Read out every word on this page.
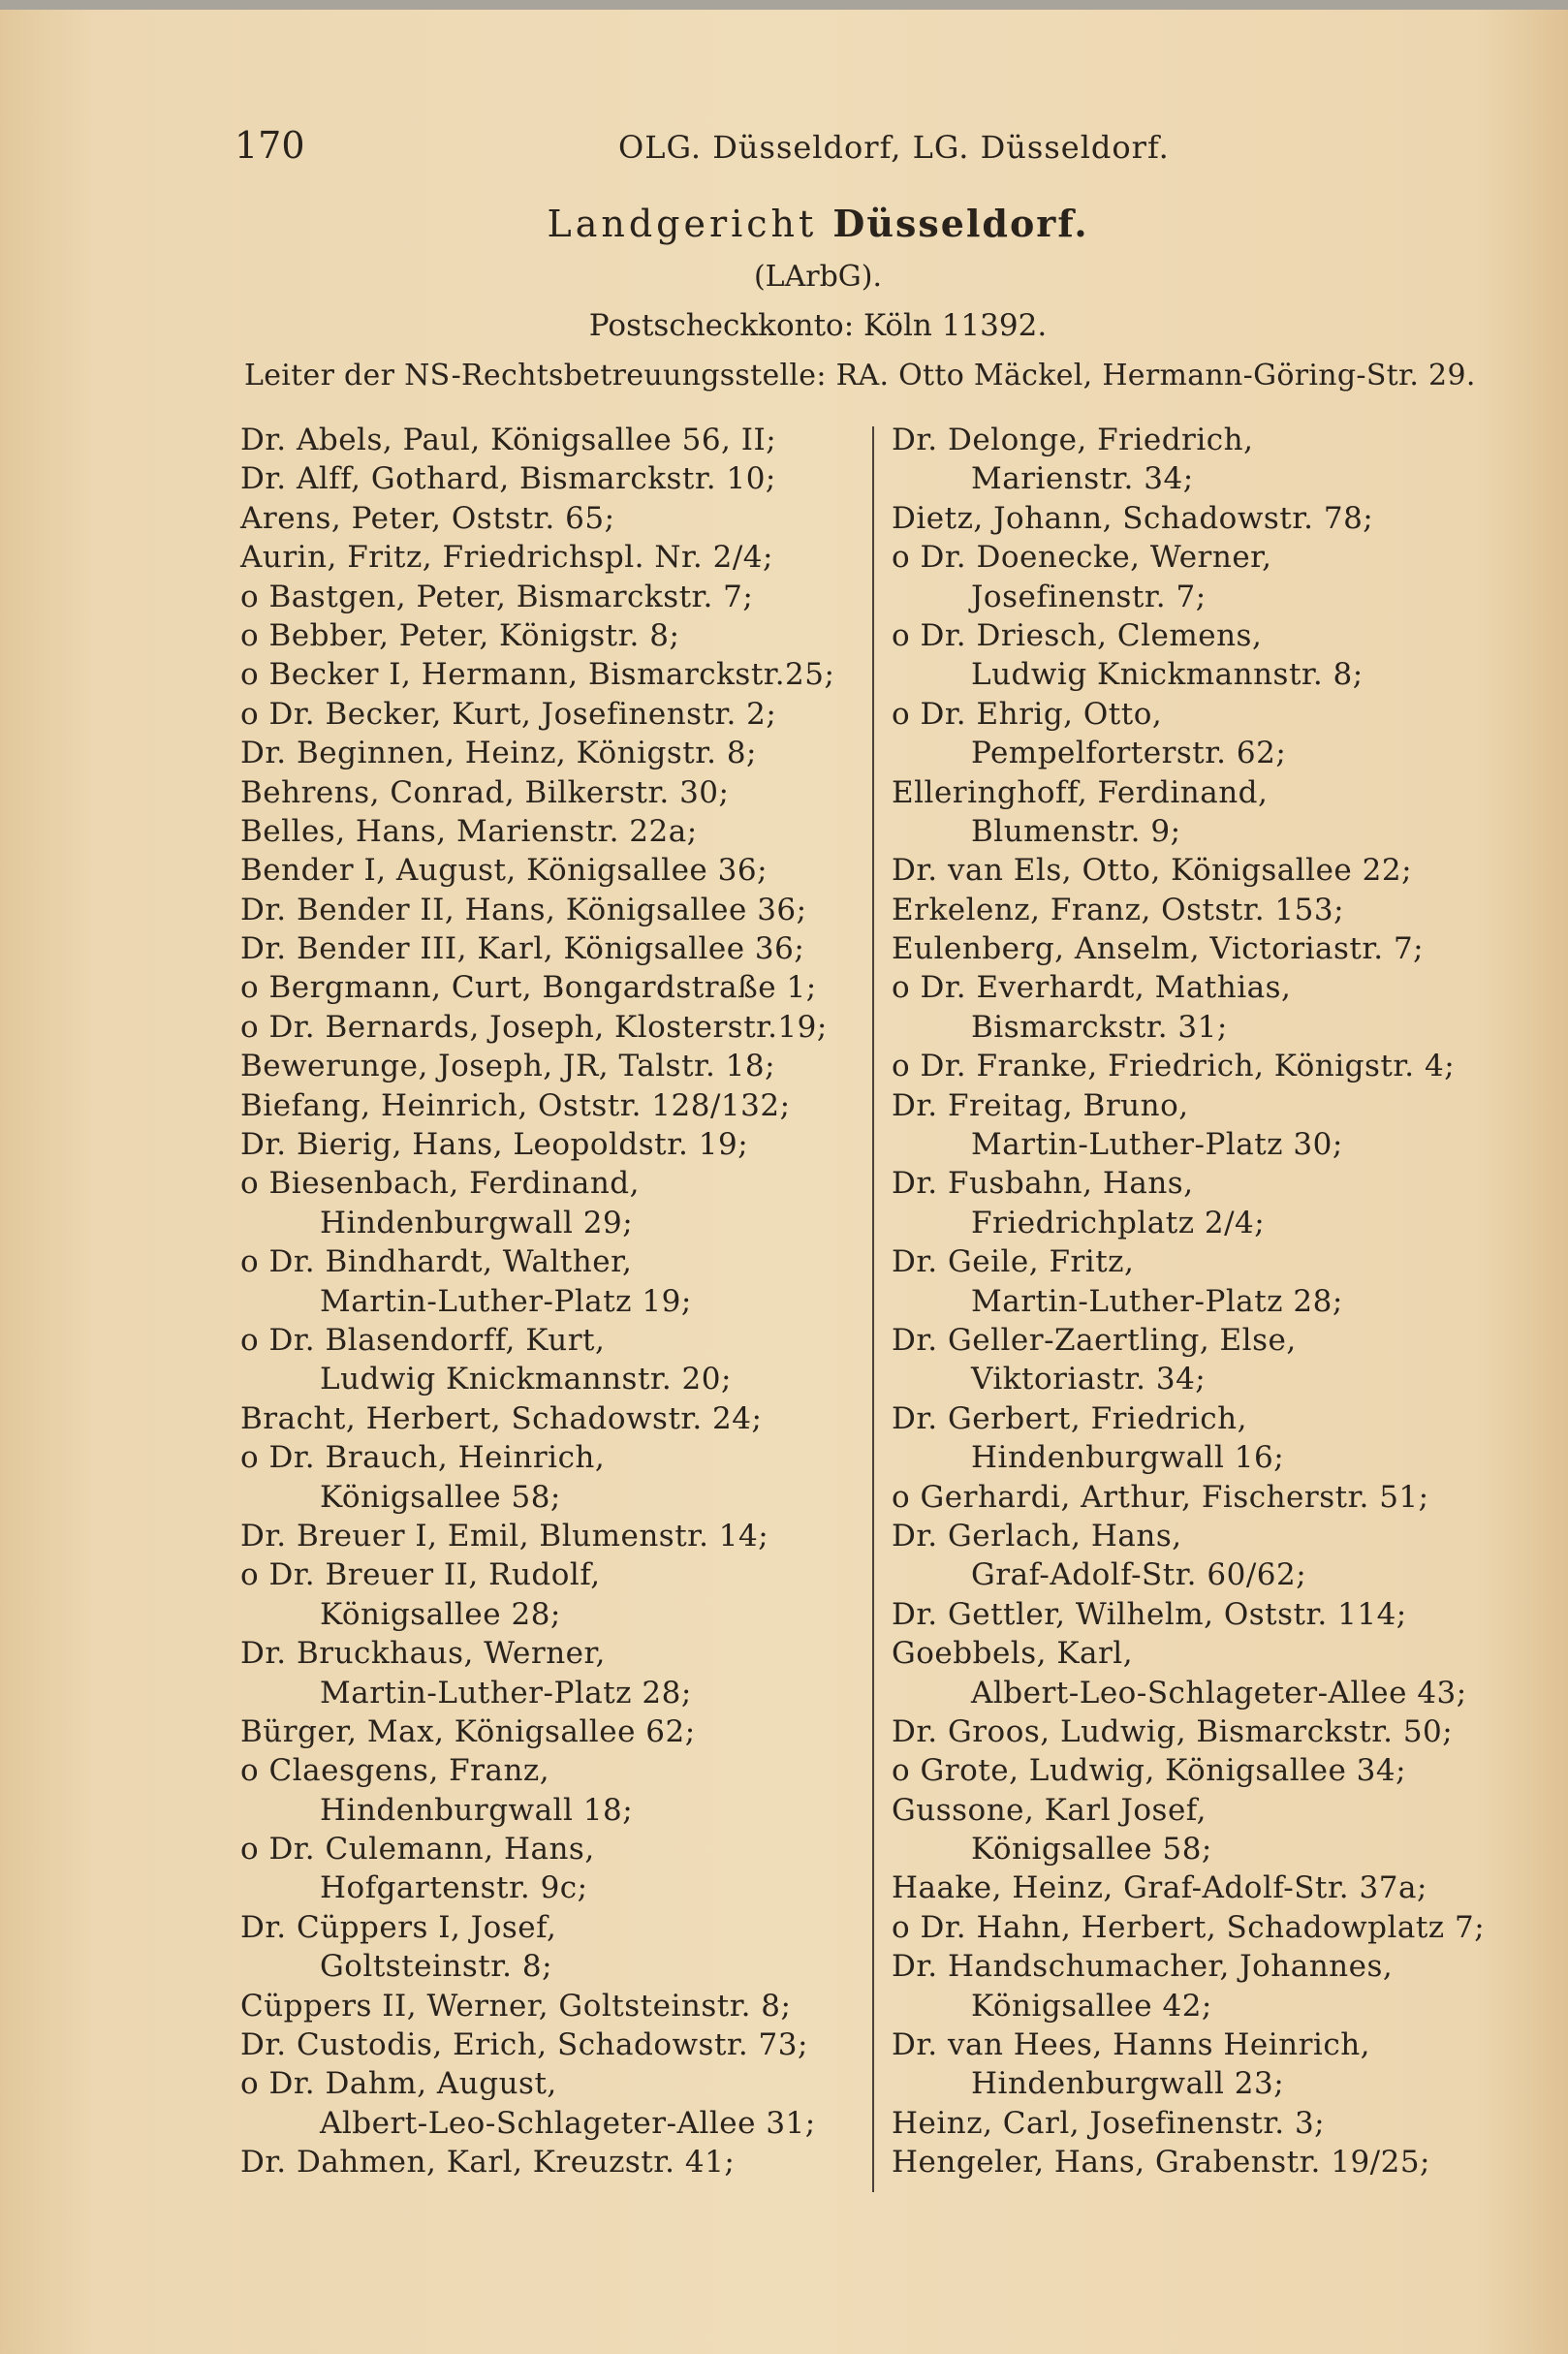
170	OLG. Düsseldorf, LG. Düsseldorf.
Landgericht Düsseldorf.
(LArbG).
Postscheckkonto: Köln 11392.
Leiter der NS-Rechtsbetreuungsstelle: RA. Otto Mäckel, Hermann-Göring-Str. 29.
Dr. Abels, Paul, Königsallee 56, II;
Dr. Alff, Gothard, Bismarckstr. 10;
Arens, Peter, Oststr. 65;
Aurin, Fritz, Friedrichspl. Nr. 2/4;
o Bastgen, Peter, Bismarckstr. 7;
o Bebber, Peter, Königstr. 8;
o Becker I, Hermann, Bismarckstr.25;
o Dr. Becker, Kurt, Josefinenstr. 2;
Dr. Beginnen, Heinz, Königstr. 8;
Behrens, Conrad, Bilkerstr. 30;
Belles, Hans, Marienstr. 22a;
Bender I, August, Königsallee 36;
Dr. Bender II, Hans, Königsallee 36;
Dr. Bender III, Karl, Königsallee 36;
o Bergmann, Curt, Bongardstraße 1;
o Dr. Bernards, Joseph, Klosterstr.19;
Bewerunge, Joseph, JR, Talstr. 18;
Biefang, Heinrich, Oststr. 128/132;
Dr. Bierig, Hans, Leopoldstr. 19;
o Biesenbach, Ferdinand,
Hindenburgwall 29;
o Dr. Bindhardt, Walther,
Martin-Luther-Platz 19;
o Dr. Blasendorff, Kurt,
Ludwig Knickmannstr. 20;
Bracht, Herbert, Schadowstr. 24;
o Dr. Brauch, Heinrich,
Königsallee 58;
Dr. Breuer I, Emil, Blumenstr. 14;
o Dr. Breuer II, Rudolf,
Königsallee 28;
Dr. Bruckhaus, Werner,
Martin-Luther-Platz 28;
Bürger, Max, Königsallee 62;
o Claesgens, Franz,
Hindenburgwall 18;
o Dr. Culemann, Hans,
Hofgartenstr. 9c;
Dr. Cüppers I, Josef,
Goltsteinstr. 8;
Cüppers II, Werner, Goltsteinstr. 8;
Dr. Custodis, Erich, Schadowstr. 73;
o Dr. Dahm, August,
Albert-Leo-Schlageter-Allee 31;
Dr. Dahmen, Karl, Kreuzstr. 41;
Dr. Delonge, Friedrich,
Marienstr. 34;
Dietz, Johann, Schadowstr. 78;
o Dr. Doenecke, Werner,
Josefinenstr. 7;
o Dr. Driesch, Clemens,
Ludwig Knickmannstr. 8;
o Dr. Ehrig, Otto,
Pempelforterstr. 62;
Elleringhoff, Ferdinand,
Blumenstr. 9;
Dr. van Els, Otto, Königsallee 22;
Erkelenz, Franz, Oststr. 153;
Eulenberg, Anselm, Victoriastr. 7;
o Dr. Everhardt, Mathias,
Bismarckstr. 31;
o Dr. Franke, Friedrich, Königstr. 4;
Dr. Freitag, Bruno,
Martin-Luther-Platz 30;
Dr. Fusbahn, Hans,
Friedrichplatz 2/4;
Dr. Geile, Fritz,
Martin-Luther-Platz 28;
Dr. Geller-Zaertling, Else,
Viktoriastr. 34;
Dr. Gerbert, Friedrich,
Hindenburgwall 16;
o Gerhardi, Arthur, Fischerstr. 51;
Dr. Gerlach, Hans,
Graf-Adolf-Str. 60/62;
Dr. Gettler, Wilhelm, Oststr. 114;
Goebbels, Karl,
Albert-Leo-Schlageter-Allee 43;
Dr. Groos, Ludwig, Bismarckstr. 50;
o Grote, Ludwig, Königsallee 34;
Gussone, Karl Josef,
Königsallee 58;
Haake, Heinz, Graf-Adolf-Str. 37a;
o Dr. Hahn, Herbert, Schadowplatz 7;
Dr. Handschumacher, Johannes,
Königsallee 42;
Dr. van Hees, Hanns Heinrich,
Hindenburgwall 23;
Heinz, Carl, Josefinenstr. 3;
Hengeler, Hans, Grabenstr. 19/25;
